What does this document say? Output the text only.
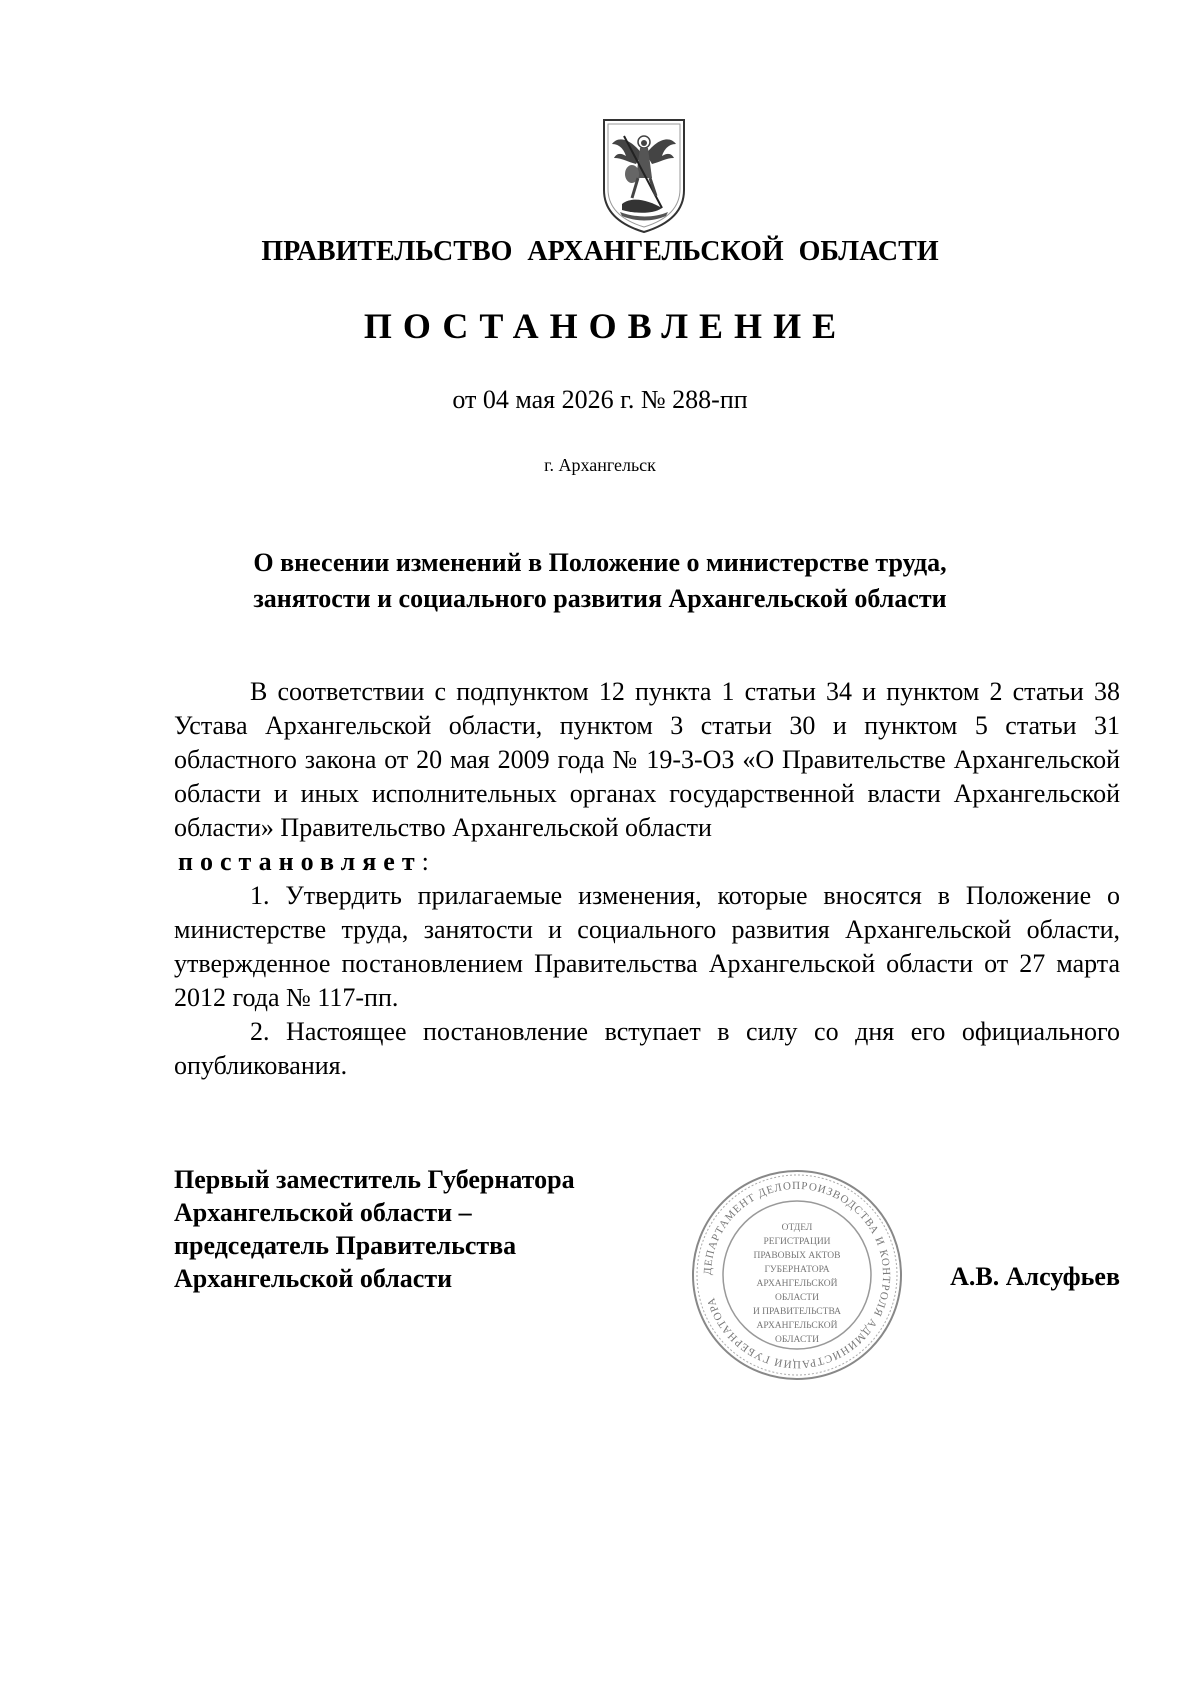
ПРАВИТЕЛЬСТВО АРХАНГЕЛЬСКОЙ ОБЛАСТИ
ПОСТАНОВЛЕНИЕ
от 04 мая 2026 г. № 288-пп
г. Архангельск
О внесении изменений в Положение о министерстве труда,
занятости и социального развития Архангельской области

В соответствии с подпунктом 12 пункта 1 статьи 34 и пунктом 2 статьи 38 Устава Архангельской области, пунктом 3 статьи 30 и пунктом 5 статьи 31 областного закона от 20 мая 2009 года № 19-3-ОЗ «О Правительстве Архангельской области и иных исполнительных органах государственной власти Архангельской области» Правительство Архангельской области
постановляет:

1. Утвердить прилагаемые изменения, которые вносятся в Положение о министерстве труда, занятости и социального развития Архангельской области, утвержденное постановлением Правительства Архангельской области от 27 марта 2012 года № 117-пп.

2. Настоящее постановление вступает в силу со дня его официального опубликования.

Первый заместитель Губернатора
Архангельской области –
председатель Правительства
Архангельской области	ДЕПАРТАМЕНТ ДЕЛОПРОИЗВОДСТВА И КОНТРОЛЯ АДМИНИСТРАЦИИ ГУБЕРНАТОРА
ОТДЕЛ
РЕГИСТРАЦИИ
ПРАВОВЫХ АКТОВ
ГУБЕРНАТОРА
АРХАНГЕЛЬСКОЙ
ОБЛАСТИ
И ПРАВИТЕЛЬСТВА
АРХАНГЕЛЬСКОЙ
ОБЛАСТИ
А.В. Алсуфьев
